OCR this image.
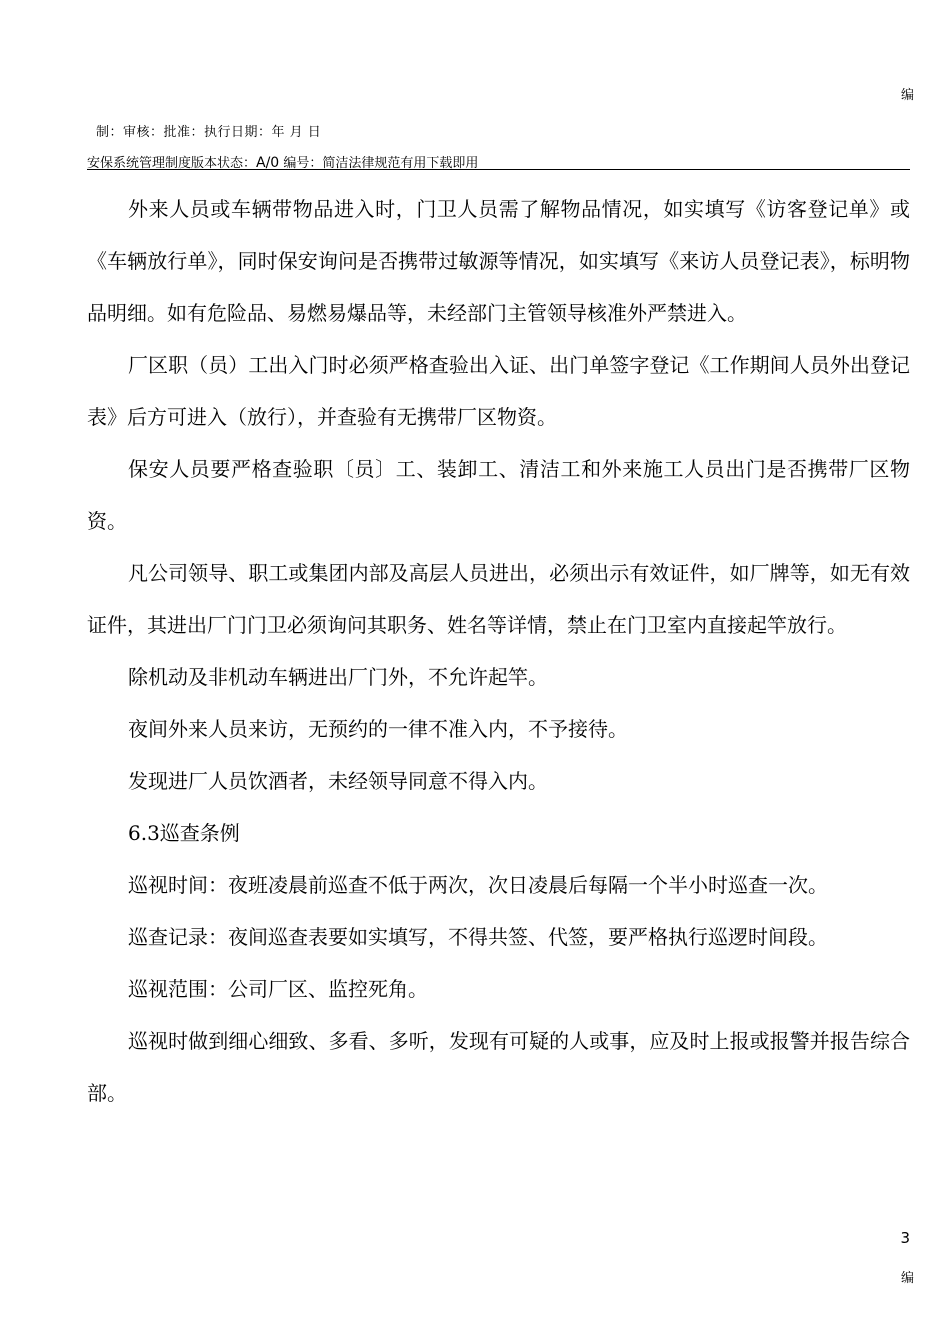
编
制：审核：批准：执行日期：年 月 日
安保系统管理制度版本状态：A/0 编号：简洁法律规范有用下载即用

外来人员或车辆带物品进入时，门卫人员需了解物品情况，如实填写《访客登记单》或《车辆放行单》，同时保安询问是否携带过敏源等情况，如实填写《来访人员登记表》，标明物品明细。如有危险品、易燃易爆品等，未经部门主管领导核准外严禁进入。

厂区职（员）工出入门时必须严格查验出入证、出门单签字登记《工作期间人员外出登记表》后方可进入（放行），并查验有无携带厂区物资。

保安人员要严格查验职〔员〕工、装卸工、清洁工和外来施工人员出门是否携带厂区物资。

凡公司领导、职工或集团内部及高层人员进出，必须出示有效证件，如厂牌等，如无有效证件，其进出厂门门卫必须询问其职务、姓名等详情，禁止在门卫室内直接起竿放行。

除机动及非机动车辆进出厂门外，不允许起竿。

夜间外来人员来访，无预约的一律不准入内，不予接待。

发现进厂人员饮酒者，未经领导同意不得入内。

6.3巡查条例

巡视时间：夜班凌晨前巡查不低于两次，次日凌晨后每隔一个半小时巡查一次。

巡查记录：夜间巡查表要如实填写，不得共签、代签，要严格执行巡逻时间段。

巡视范围：公司厂区、监控死角。

巡视时做到细心细致、多看、多听，发现有可疑的人或事，应及时上报或报警并报告综合部。

3
编
